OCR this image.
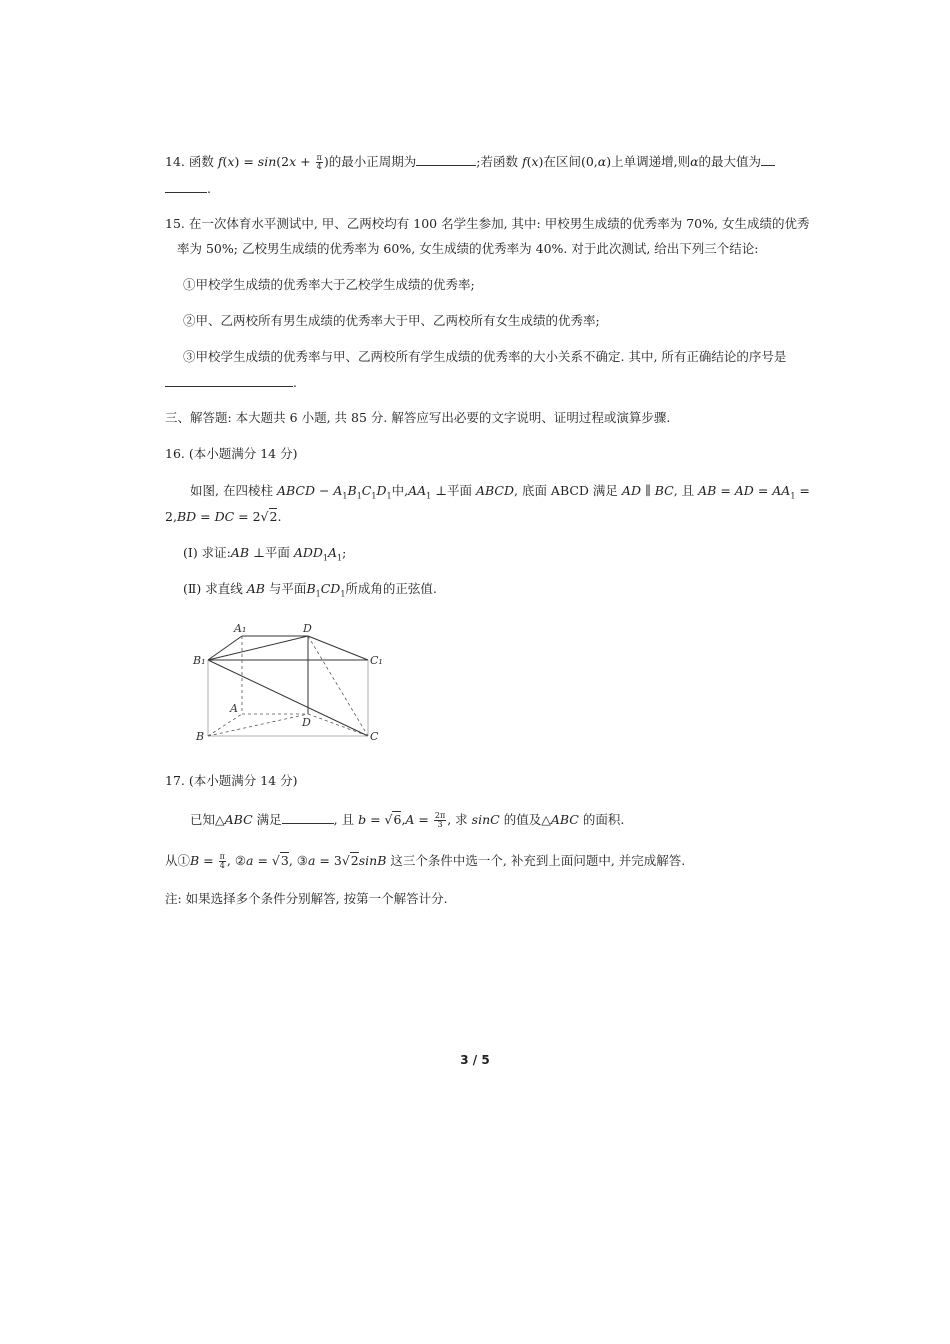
14. 函数 $f(x) = \sin(2x + \frac{\pi}{4}$ )的最小正周期为	;若函数 f(x)在区间(0,α)上单调递增,则α的最大值为
.
15. 在一次体育水平测试中, 甲、乙两校均有 100 名学生参加, 其中: 甲校男生成绩的优秀率为 70%, 女生成绩的优秀
率为 50%; 乙校男生成绩的优秀率为 60%, 女生成绩的优秀率为 40%. 对于此次测试, 给出下列三个结论:
①甲校学生成绩的优秀率大于乙校学生成绩的优秀率;
②甲、乙两校所有男生成绩的优秀率大于甲、乙两校所有女生成绩的优秀率;
③甲校学生成绩的优秀率与甲、乙两校所有学生成绩的优秀率的大小关系不确定. 其中, 所有正确结论的序号是
.
三、解答题: 本大题共 6 小题, 共 85 分. 解答应写出必要的文字说明、证明过程或演算步骤.
16. (本小题满分 14 分)
如图, 在四棱柱 ABCD − $A_1B_1C_1D_1$中$,AA_1$ ⊥平面 ABCD, 底面 ABCD 满足 AD ∥ BC, 且 AB = AD = $AA_1$ =
2,BD = DC = 2√2.
(Ⅰ) 求证:AB ⊥平面 $ADD_1A_1$;
(Ⅱ) 求直线 AB 与平面$B_1CD_1$所成角的正弦值.
A₁	D
B₁	C₁
A
D
B	C
17. (本小题满分 14 分)
已知△ABC 满足	, 且 $b = √6,A = \frac{2\pi}{3}$ , 求 sinC 的值及△ABC 的面积.
从①B = $\frac{\pi}{4}$ , ②a = √3, ③a = 3√2sinB 这三个条件中选一个, 补充到上面问题中, 并完成解答.
注: 如果选择多个条件分别解答, 按第一个解答计分.
3 / 5
